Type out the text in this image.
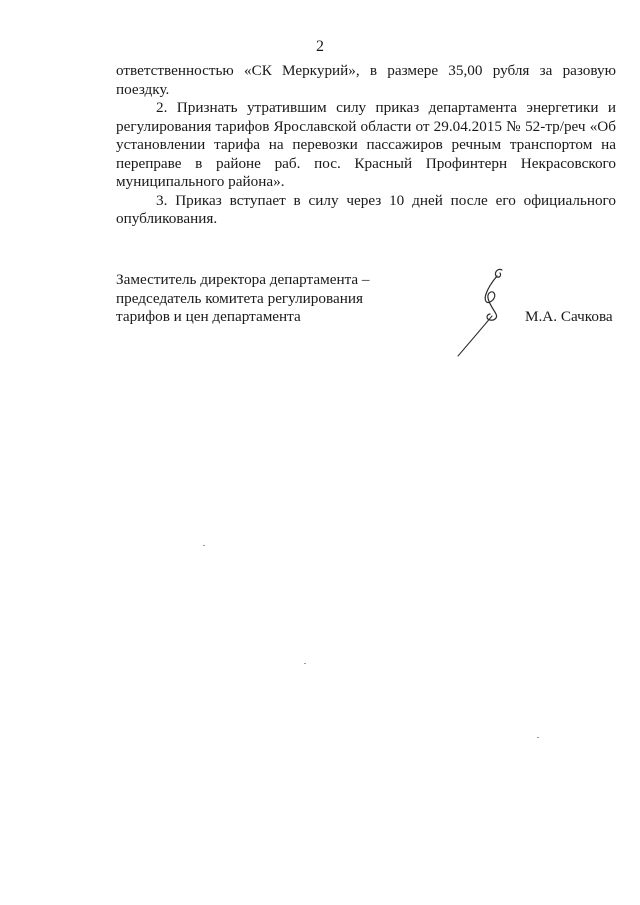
2

ответственностью «СК Меркурий», в размере 35,00 рубля за разовую поездку.

2. Признать утратившим силу приказ департамента энергетики и регулирования тарифов Ярославской области от 29.04.2015 № 52-тр/реч «Об установлении тарифа на перевозки пассажиров речным транспортом на переправе в районе раб. пос. Красный Профинтерн Некрасовского муниципального района».

3. Приказ вступает в силу через 10 дней после его официального опубликования.

Заместитель директора департамента –
председатель комитета регулирования
тарифов и цен департамента	М.А. Сачкова
